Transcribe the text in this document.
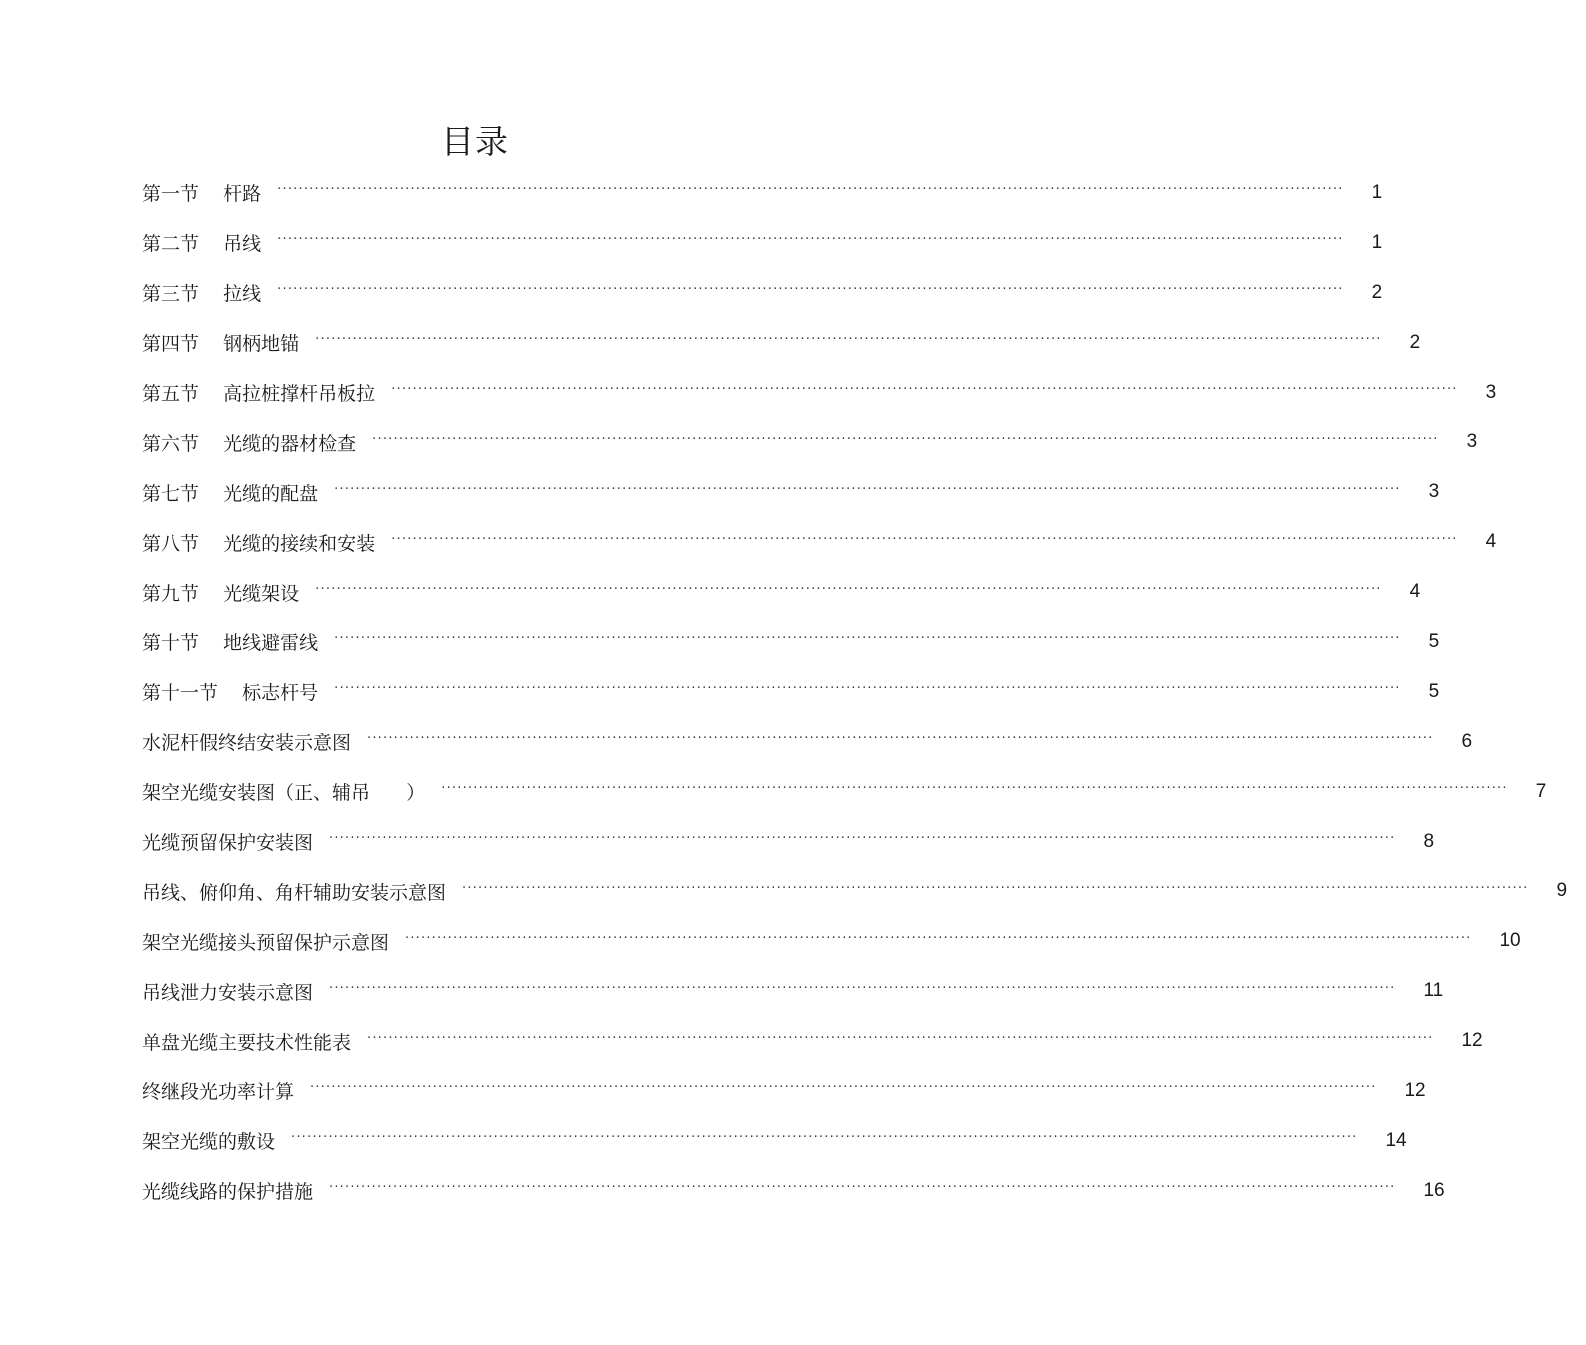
目录
第一节    杆路 ········································································································································································································ 1
第二节    吊线 ········································································································································································································ 1
第三节    拉线 ········································································································································································································ 2
第四节    钢柄地锚 ········································································································································································································ 2
第五节    高拉桩撑杆吊板拉 ········································································································································································································ 3
第六节    光缆的器材检查 ········································································································································································································ 3
第七节    光缆的配盘 ········································································································································································································ 3
第八节    光缆的接续和安装 ········································································································································································································ 4
第九节    光缆架设 ········································································································································································································ 4
第十节    地线避雷线 ········································································································································································································ 5
第十一节    标志杆号 ········································································································································································································ 5
水泥杆假终结安装示意图 ········································································································································································································ 6
架空光缆安装图（正、辅吊      ） ········································································································································································································ 7
光缆预留保护安装图 ········································································································································································································ 8
吊线、俯仰角、角杆辅助安装示意图 ········································································································································································································ 9
架空光缆接头预留保护示意图 ········································································································································································································ 10
吊线泄力安装示意图 ········································································································································································································ 11
单盘光缆主要技术性能表 ········································································································································································································ 12
终继段光功率计算 ········································································································································································································ 12
架空光缆的敷设 ········································································································································································································ 14
光缆线路的保护措施 ········································································································································································································ 16
